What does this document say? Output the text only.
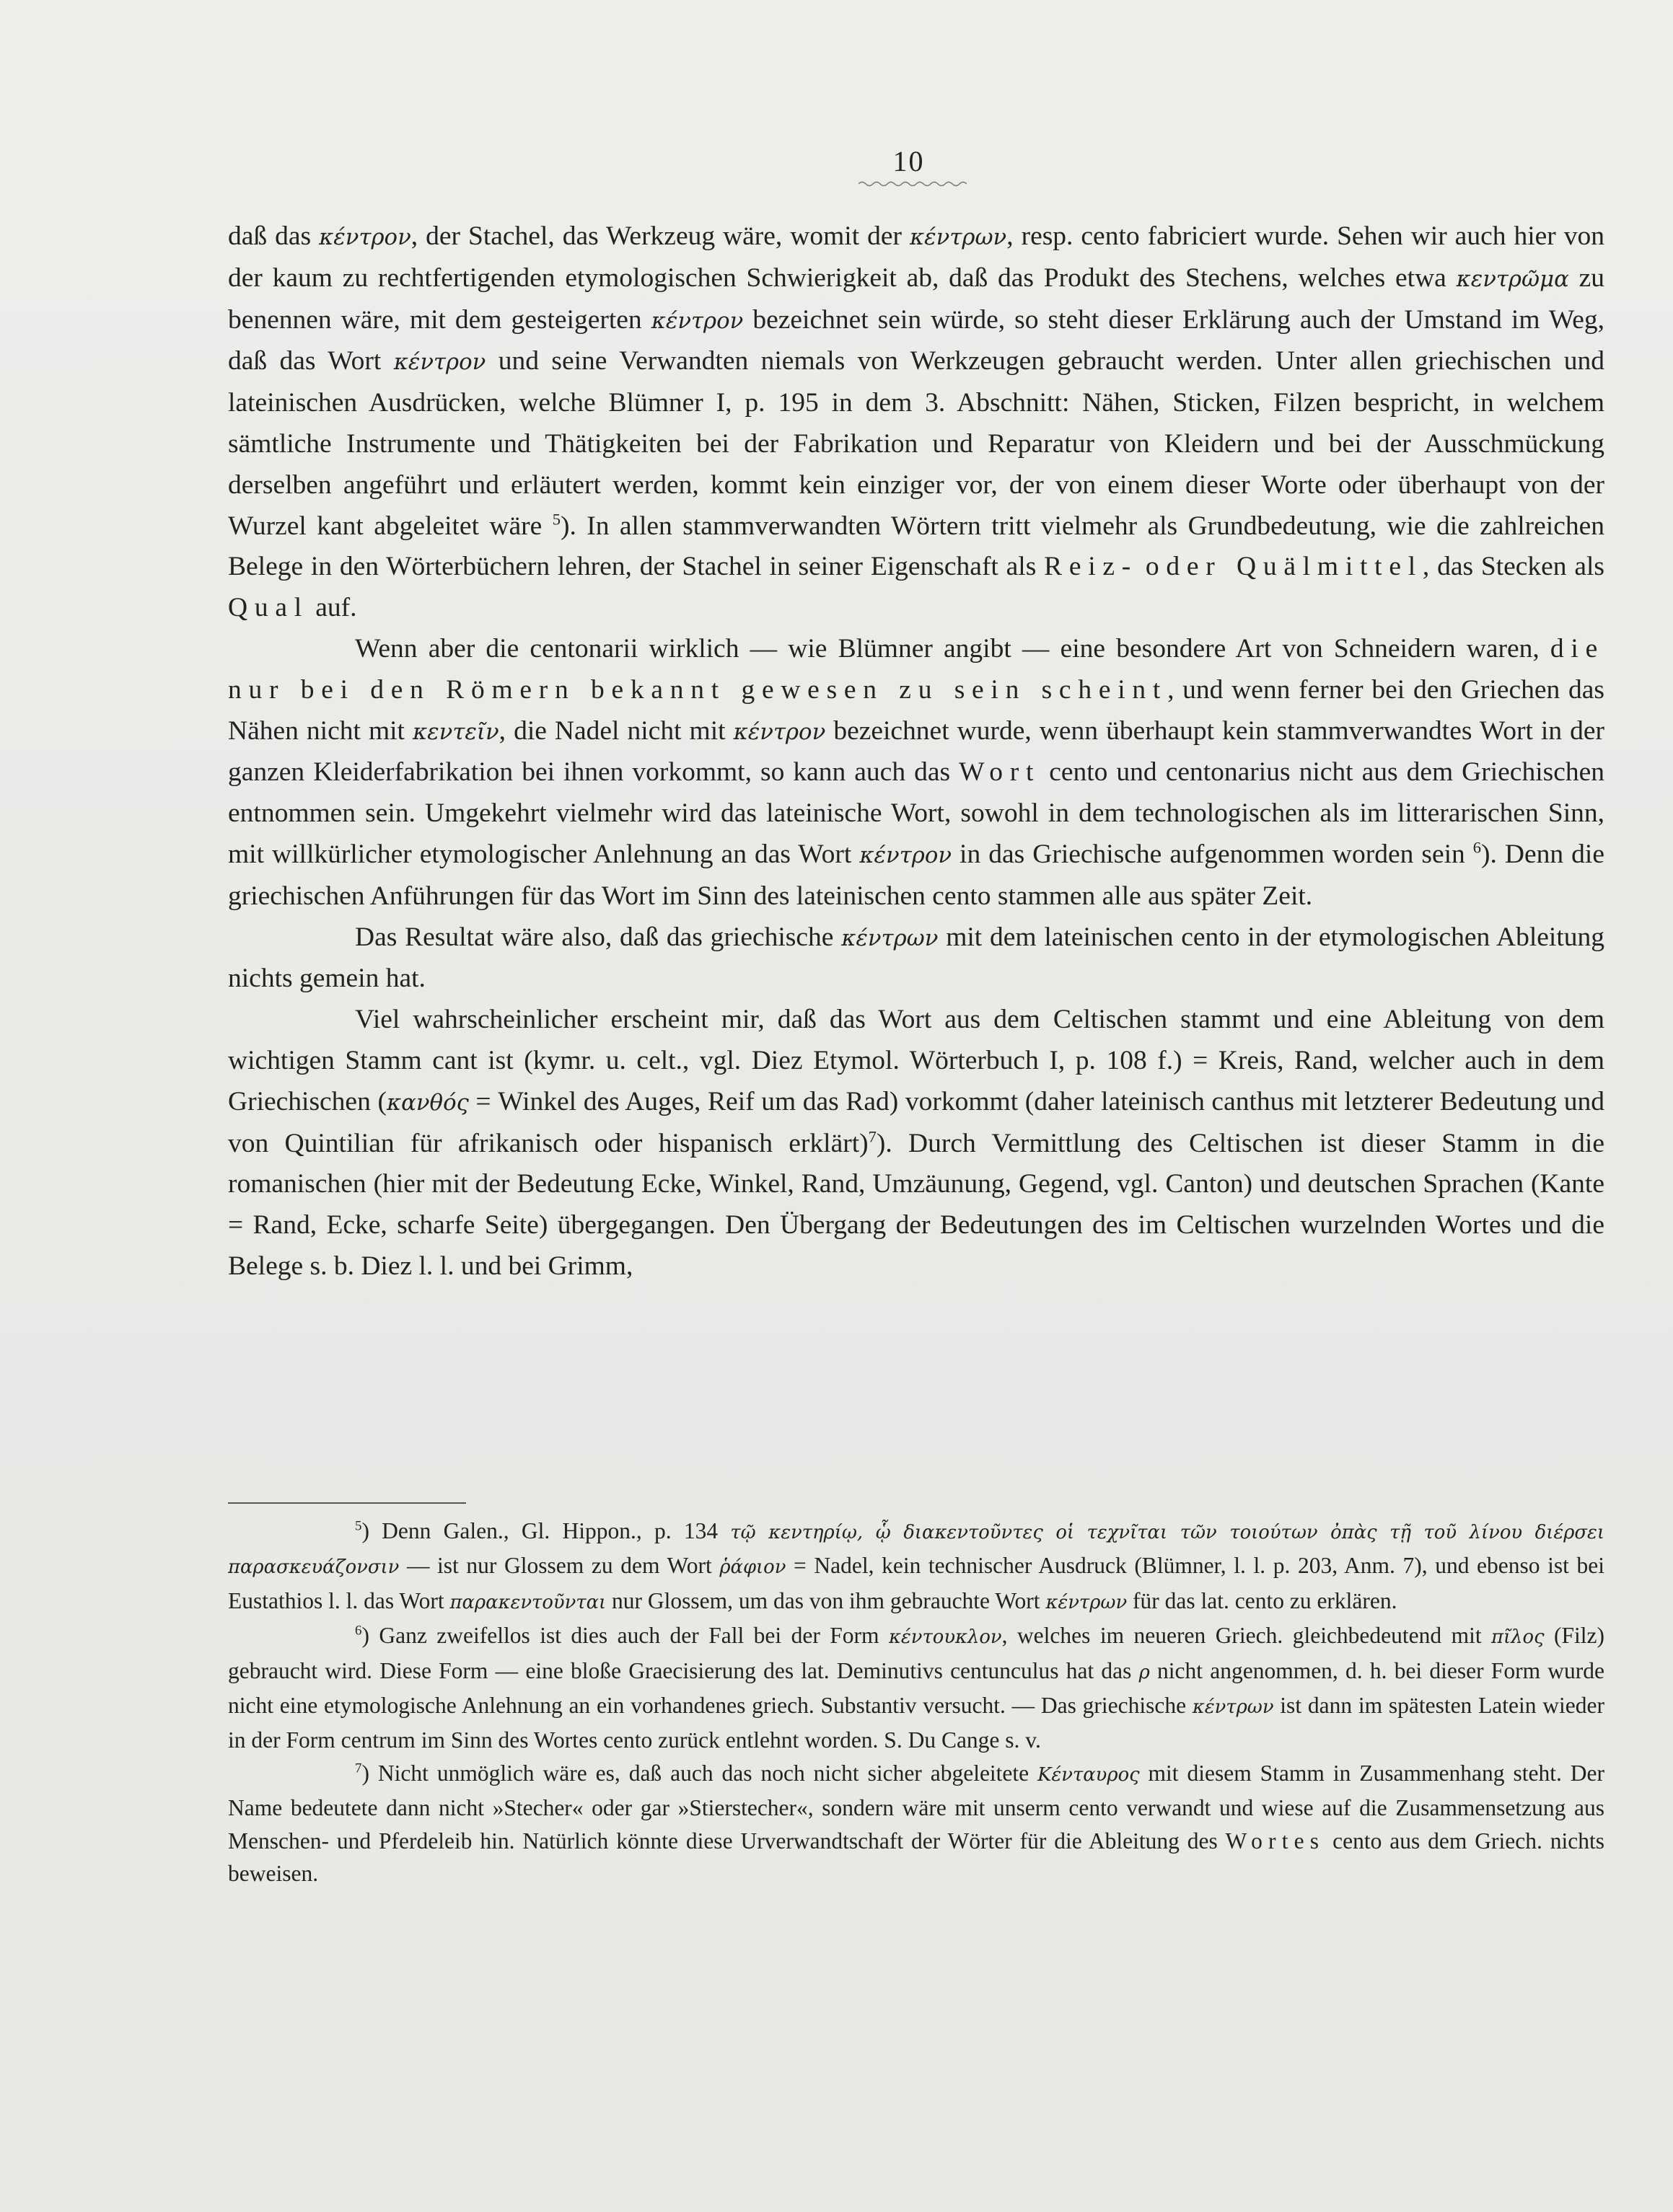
10

daß das κέντρον, der Stachel, das Werkzeug wäre, womit der κέντρων, resp. cento fabriciert wurde. Sehen wir auch hier von der kaum zu rechtfertigenden etymologischen Schwierigkeit ab, daß das Produkt des Stechens, welches etwa κεντρῶμα zu benennen wäre, mit dem gesteigerten κέντρον bezeichnet sein würde, so steht dieser Erklärung auch der Umstand im Weg, daß das Wort κέντρον und seine Verwandten niemals von Werkzeugen gebraucht werden. Unter allen griechischen und lateinischen Ausdrücken, welche Blümner I, p. 195 in dem 3. Abschnitt: Nähen, Sticken, Filzen bespricht, in welchem sämtliche Instrumente und Thätigkeiten bei der Fabrikation und Reparatur von Kleidern und bei der Ausschmückung derselben angeführt und erläutert werden, kommt kein einziger vor, der von einem dieser Worte oder überhaupt von der Wurzel kant abgeleitet wäre $^5$). In allen stammverwandten Wörtern tritt vielmehr als Grundbedeutung, wie die zahlreichen Belege in den Wörterbüchern lehren, der Stachel in seiner Eigenschaft als Reiz- oder Quälmittel, das Stecken als Qual auf.

Wenn aber die centonarii wirklich — wie Blümner angibt — eine besondere Art von Schneidern waren, die nur bei den Römern bekannt gewesen zu sein scheint, und wenn ferner bei den Griechen das Nähen nicht mit κεντεῖν, die Nadel nicht mit κέντρον bezeichnet wurde, wenn überhaupt kein stammverwandtes Wort in der ganzen Kleiderfabrikation bei ihnen vorkommt, so kann auch das Wort cento und centonarius nicht aus dem Griechischen entnommen sein. Umgekehrt vielmehr wird das lateinische Wort, sowohl in dem technologischen als im litterarischen Sinn, mit willkürlicher etymologischer Anlehnung an das Wort κέντρον in das Griechische aufgenommen worden sein $^6$). Denn die griechischen Anführungen für das Wort im Sinn des lateinischen cento stammen alle aus später Zeit.

Das Resultat wäre also, daß das griechische κέντρων mit dem lateinischen cento in der etymologischen Ableitung nichts gemein hat.

Viel wahrscheinlicher erscheint mir, daß das Wort aus dem Celtischen stammt und eine Ableitung von dem wichtigen Stamm cant ist (kymr. u. celt., vgl. Diez Etymol. Wörterbuch I, p. 108 f.) = Kreis, Rand, welcher auch in dem Griechischen (κανθός = Winkel des Auges, Reif um das Rad) vorkommt (daher lateinisch canthus mit letzterer Bedeutung und von Quintilian für afrikanisch oder hispanisch erklärt)$^7$). Durch Vermittlung des Celtischen ist dieser Stamm in die romanischen (hier mit der Bedeutung Ecke, Winkel, Rand, Umzäunung, Gegend, vgl. Canton) und deutschen Sprachen (Kante = Rand, Ecke, scharfe Seite) übergegangen. Den Übergang der Bedeutungen des im Celtischen wurzelnden Wortes und die Belege s. b. Diez l. l. und bei Grimm,

$^5$) Denn Galen., Gl. Hippon., p. 134 τῷ κεντηρίῳ, ᾧ διακεντοῦντες οἱ τεχνῖται τῶν τοιούτων ὀπὰς τῇ τοῦ λίνου διέρσει παρασκευάζονσιν — ist nur Glossem zu dem Wort ῥάφιον = Nadel, kein technischer Ausdruck (Blümner, l. l. p. 203, Anm. 7), und ebenso ist bei Eustathios l. l. das Wort παρακεντοῦνται nur Glossem, um das von ihm gebrauchte Wort κέντρων für das lat. cento zu erklären.

$^6$) Ganz zweifellos ist dies auch der Fall bei der Form κέντουκλον, welches im neueren Griech. gleichbedeutend mit πῖλος (Filz) gebraucht wird. Diese Form — eine bloße Graecisierung des lat. Deminutivs centunculus hat das ρ nicht angenommen, d. h. bei dieser Form wurde nicht eine etymologische Anlehnung an ein vorhandenes griech. Substantiv versucht. — Das griechische κέντρων ist dann im spätesten Latein wieder in der Form centrum im Sinn des Wortes cento zurück entlehnt worden. S. Du Cange s. v.

$^7$) Nicht unmöglich wäre es, daß auch das noch nicht sicher abgeleitete Κένταυρος mit diesem Stamm in Zusammenhang steht. Der Name bedeutete dann nicht »Stecher« oder gar »Stierstecher«, sondern wäre mit unserm cento verwandt und wiese auf die Zusammensetzung aus Menschen- und Pferdeleib hin. Natürlich könnte diese Urverwandtschaft der Wörter für die Ableitung des Wortes cento aus dem Griech. nichts beweisen.
